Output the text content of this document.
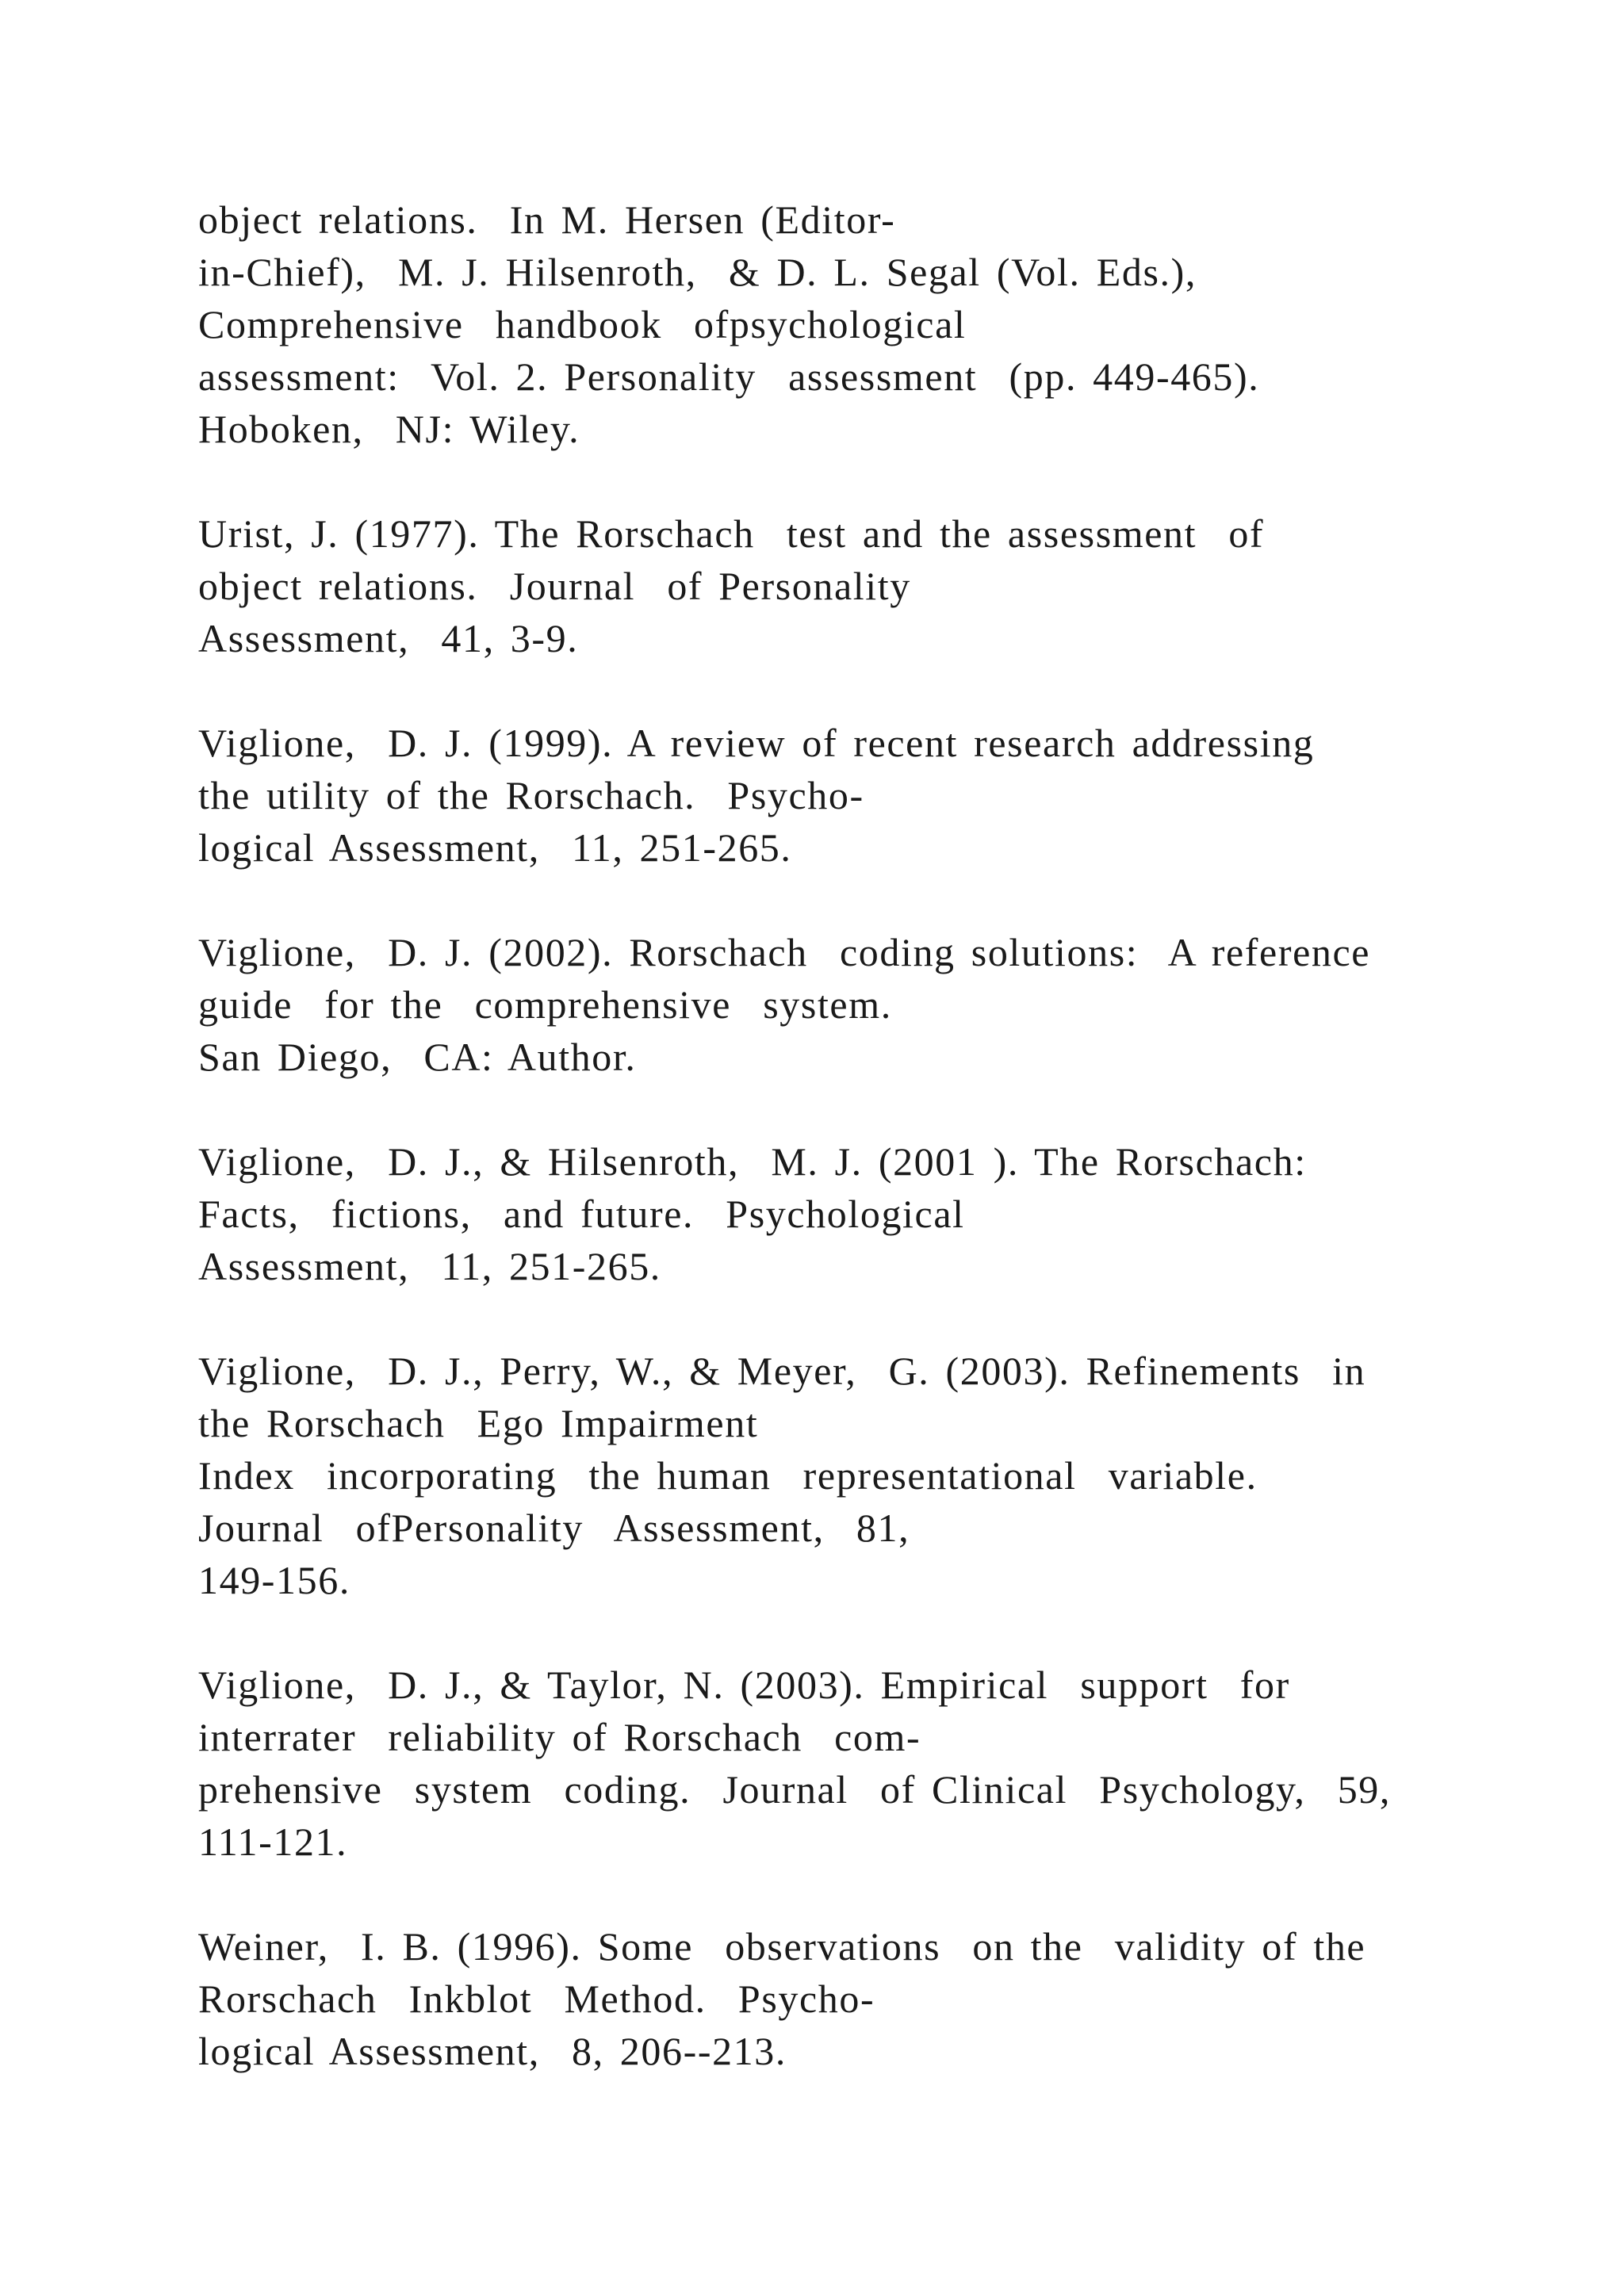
object relations.  In M. Hersen (Editor-
in-Chief),  M. J. Hilsenroth,  & D. L. Segal (Vol. Eds.),
Comprehensive  handbook  ofpsychological
assessment:  Vol. 2. Personality  assessment  (pp. 449-465).
Hoboken,  NJ: Wiley.
Urist, J. (1977). The Rorschach  test and the assessment  of
object relations.  Journal  of Personality
Assessment,  41, 3-9.
Viglione,  D. J. (1999). A review of recent research addressing
the utility of the Rorschach.  Psycho-
logical Assessment,  11, 251-265.
Viglione,  D. J. (2002). Rorschach  coding solutions:  A reference
guide  for the  comprehensive  system.
San Diego,  CA: Author.
Viglione,  D. J., & Hilsenroth,  M. J. (2001 ). The Rorschach:
Facts,  fictions,  and future.  Psychological
Assessment,  11, 251-265.
Viglione,  D. J., Perry, W., & Meyer,  G. (2003). Refinements  in
the Rorschach  Ego Impairment
Index  incorporating  the human  representational  variable.
Journal  ofPersonality  Assessment,  81,
149-156.
Viglione,  D. J., & Taylor, N. (2003). Empirical  support  for
interrater  reliability of Rorschach  com-
prehensive  system  coding.  Journal  of Clinical  Psychology,  59,
111-121.
Weiner,  I. B. (1996). Some  observations  on the  validity of the
Rorschach  Inkblot  Method.  Psycho-
logical Assessment,  8, 206--213.
